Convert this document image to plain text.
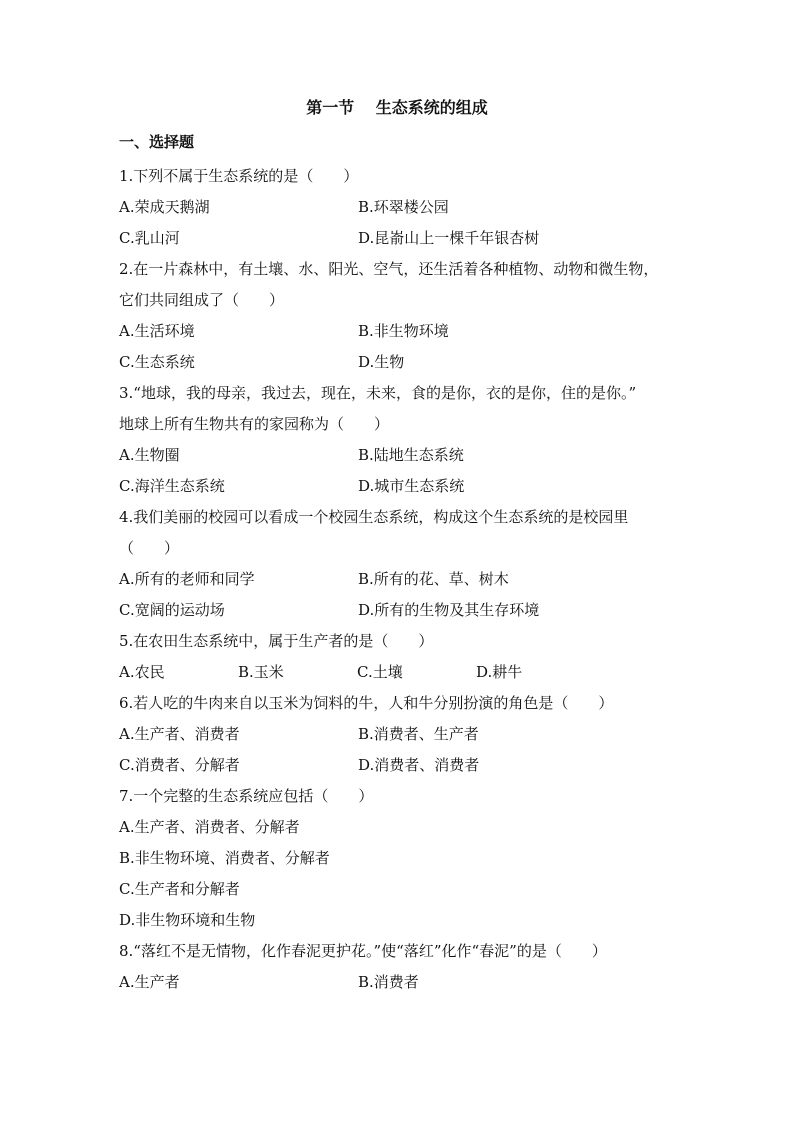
第一节　 生态系统的组成
一、选择题
1.下列不属于生态系统的是（　　）
A.荣成天鹅湖	B.环翠楼公园
C.乳山河	D.昆嵛山上一棵千年银杏树
2.在一片森林中，有土壤、水、阳光、空气，还生活着各种植物、动物和微生物，
它们共同组成了（　　）
A.生活环境	B.非生物环境
C.生态系统	D.生物
3.“地球，我的母亲，我过去，现在，未来，食的是你，衣的是你，住的是你。”
地球上所有生物共有的家园称为（　　）
A.生物圈	B.陆地生态系统
C.海洋生态系统	D.城市生态系统
4.我们美丽的校园可以看成一个校园生态系统，构成这个生态系统的是校园里
（　　）
A.所有的老师和同学	B.所有的花、草、树木
C.宽阔的运动场	D.所有的生物及其生存环境
5.在农田生态系统中，属于生产者的是（　　）
A.农民	B.玉米	C.土壤	D.耕牛
6.若人吃的牛肉来自以玉米为饲料的牛，人和牛分别扮演的角色是（　　）
A.生产者、消费者	B.消费者、生产者
C.消费者、分解者	D.消费者、消费者
7.一个完整的生态系统应包括（　　）
A.生产者、消费者、分解者
B.非生物环境、消费者、分解者
C.生产者和分解者
D.非生物环境和生物
8.“落红不是无情物，化作春泥更护花。”使“落红”化作“春泥”的是（　　）
A.生产者	B.消费者
